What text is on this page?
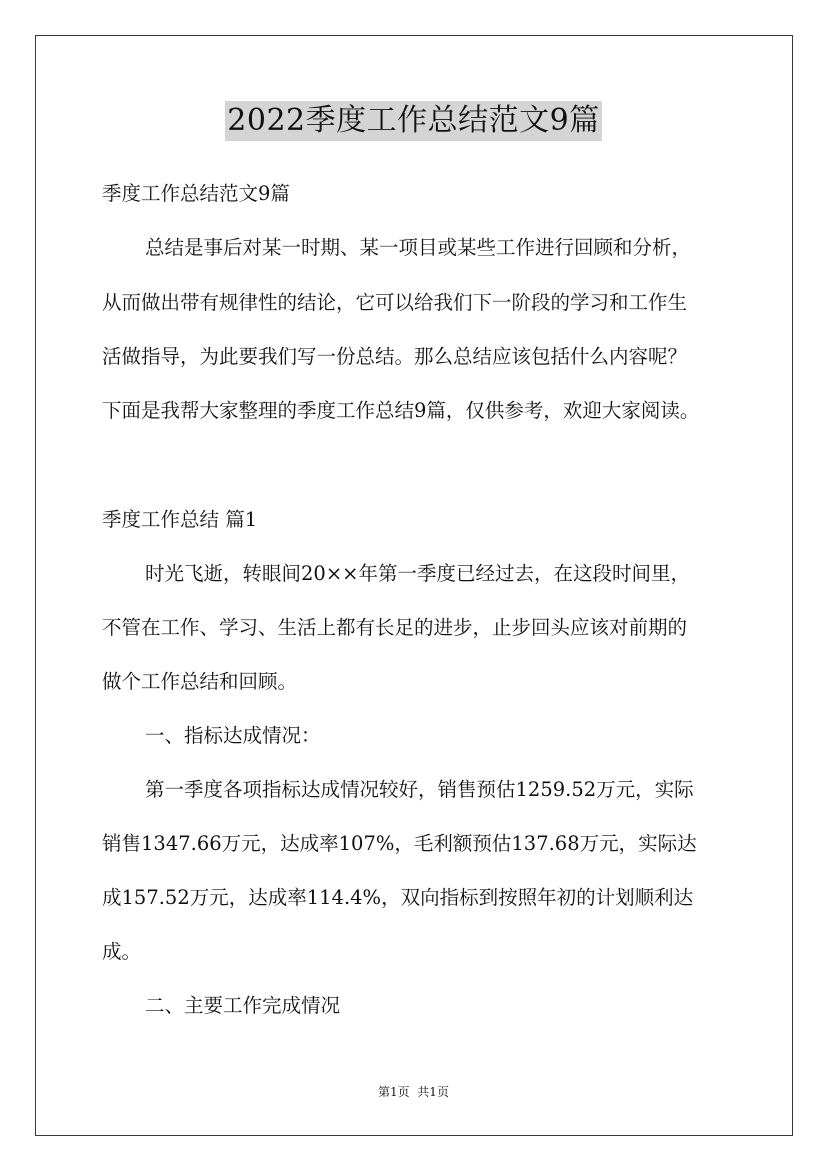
2022季度工作总结范文9篇
季度工作总结范文9篇
总结是事后对某一时期、某一项目或某些工作进行回顾和分析，
从而做出带有规律性的结论，它可以给我们下一阶段的学习和工作生
活做指导，为此要我们写一份总结。那么总结应该包括什么内容呢？
下面是我帮大家整理的季度工作总结9篇，仅供参考，欢迎大家阅读。
季度工作总结 篇1
时光飞逝，转眼间20××年第一季度已经过去，在这段时间里，
不管在工作、学习、生活上都有长足的进步，止步回头应该对前期的
做个工作总结和回顾。
一、指标达成情况：
第一季度各项指标达成情况较好，销售预估1259.52万元，实际
销售1347.66万元，达成率107%，毛利额预估137.68万元，实际达
成157.52万元，达成率114.4%，双向指标到按照年初的计划顺利达
成。
二、主要工作完成情况
第1页  共1页
